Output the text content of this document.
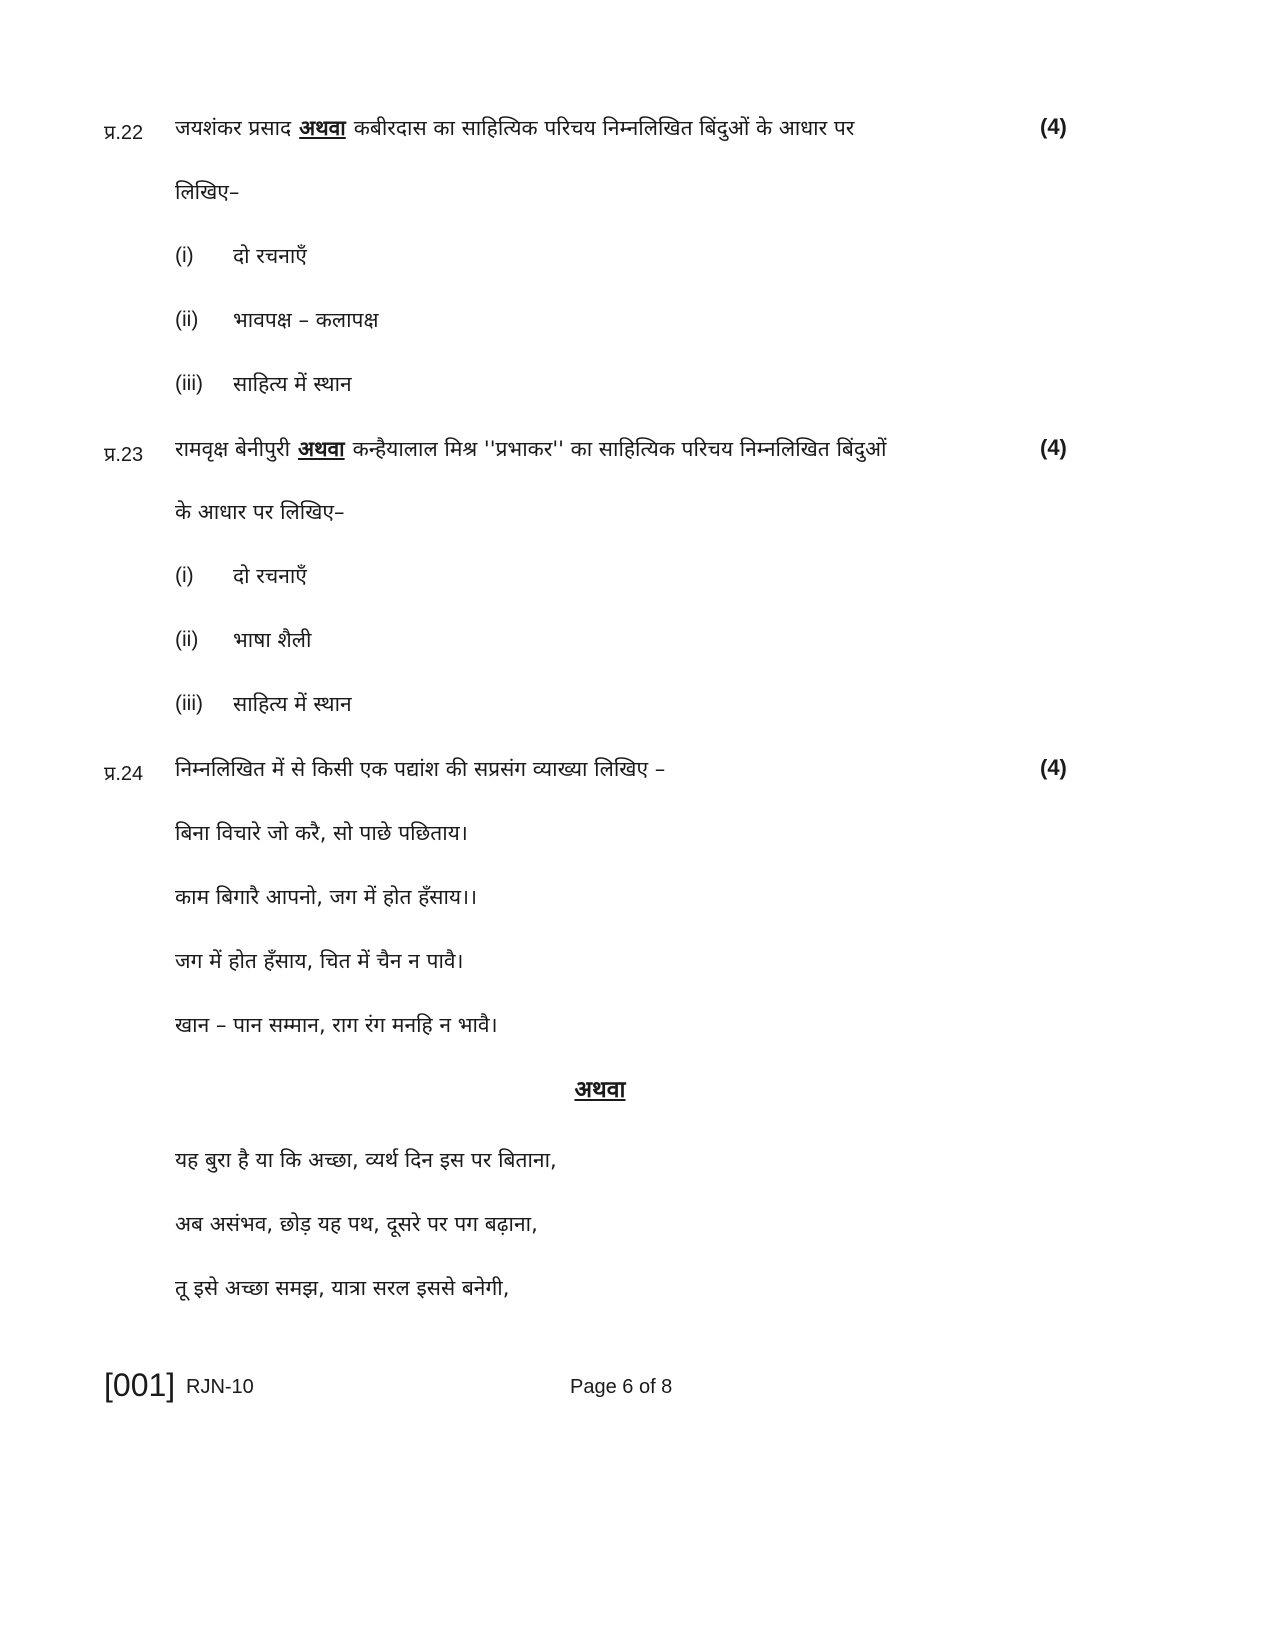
प्र.22 जयशंकर प्रसाद अथवा कबीरदास का साहित्यिक परिचय निम्नलिखित बिंदुओं के आधार पर	(4)
लिखिए–
(i) दो रचनाएँ
(ii) भावपक्ष – कलापक्ष
(iii) साहित्य में स्थान
प्र.23 रामवृक्ष बेनीपुरी अथवा कन्हैयालाल मिश्र ''प्रभाकर'' का साहित्यिक परिचय निम्नलिखित बिंदुओं	(4)
के आधार पर लिखिए–
(i) दो रचनाएँ
(ii) भाषा शैली
(iii) साहित्य में स्थान
प्र.24 निम्नलिखित में से किसी एक पद्यांश की सप्रसंग व्याख्या लिखिए –	(4)
बिना विचारे जो करै, सो पाछे पछिताय।
काम बिगारै आपनो, जग में होत हँसाय।।
जग में होत हँसाय, चित में चैन न पावै।
खान – पान सम्मान, राग रंग मनहि न भावै।
अथवा
यह बुरा है या कि अच्छा, व्यर्थ दिन इस पर बिताना,
अब असंभव, छोड़ यह पथ, दूसरे पर पग बढ़ाना,
तू इसे अच्छा समझ, यात्रा सरल इससे बनेगी,
[001] RJN-10	Page 6 of 8
